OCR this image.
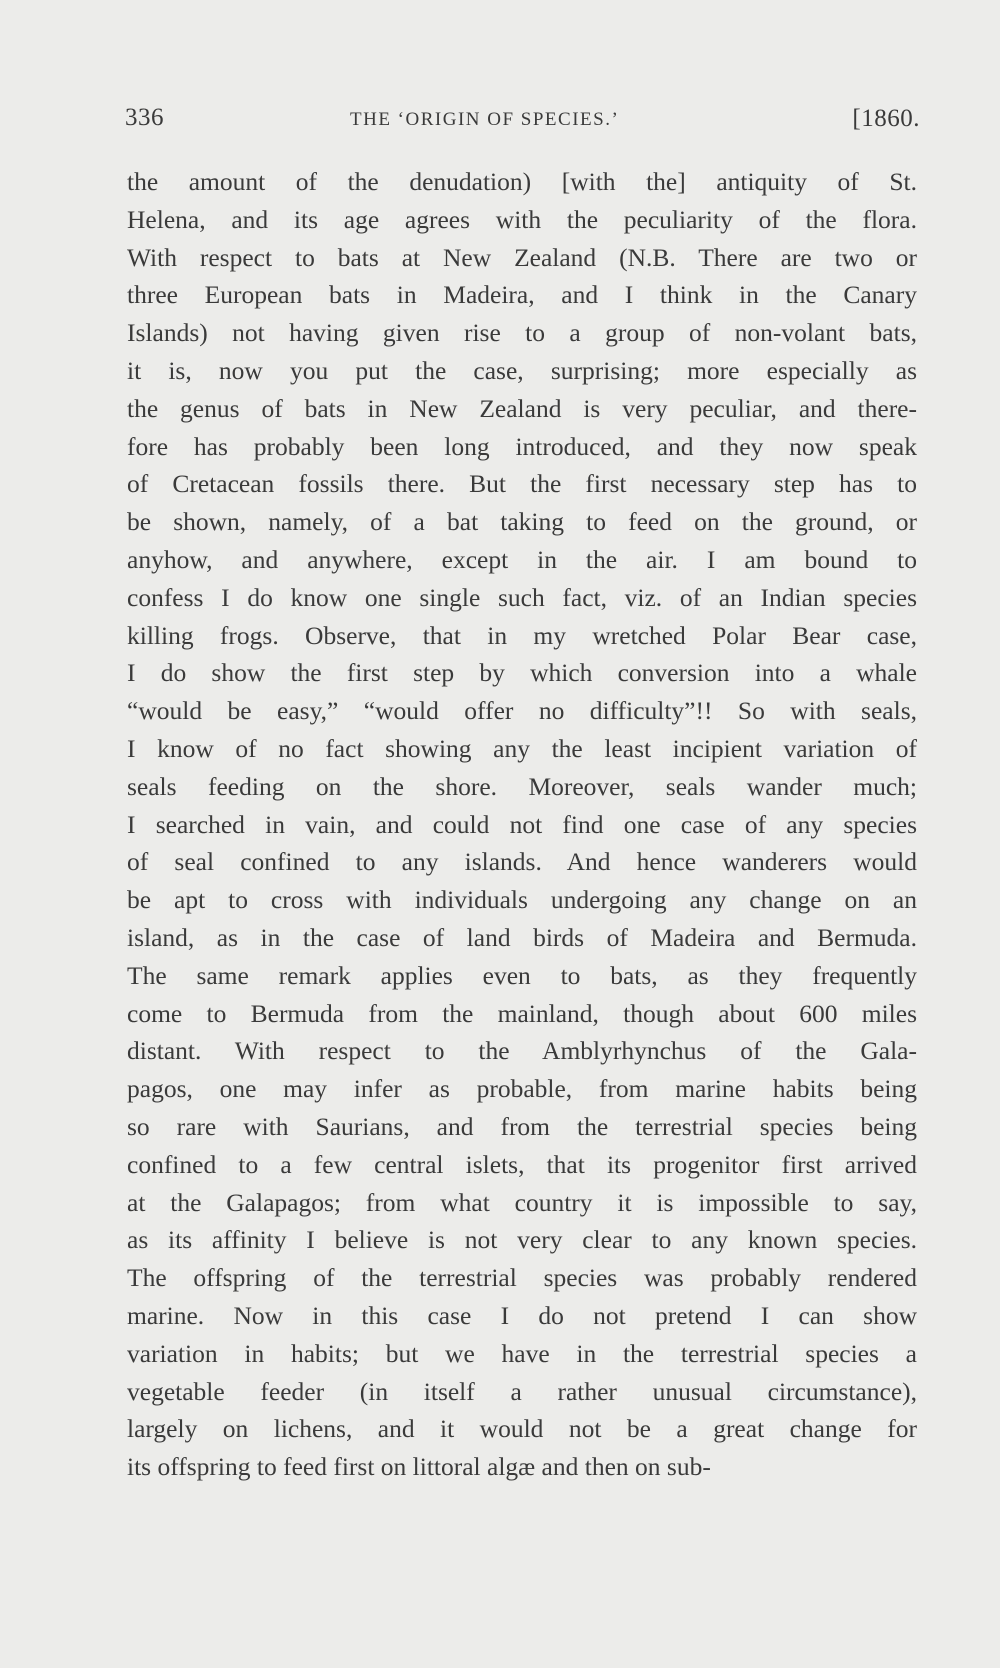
336	THE ‘ORIGIN OF SPECIES.’	[1860.
the amount of the denudation) [with the] antiquity of St.
Helena, and its age agrees with the peculiarity of the flora.
With respect to bats at New Zealand (N.B. There are two or
three European bats in Madeira, and I think in the Canary
Islands) not having given rise to a group of non-volant bats,
it is, now you put the case, surprising; more especially as
the genus of bats in New Zealand is very peculiar, and there-
fore has probably been long introduced, and they now speak
of Cretacean fossils there. But the first necessary step has to
be shown, namely, of a bat taking to feed on the ground, or
anyhow, and anywhere, except in the air. I am bound to
confess I do know one single such fact, viz. of an Indian species
killing frogs. Observe, that in my wretched Polar Bear case,
I do show the first step by which conversion into a whale
“would be easy,” “would offer no difficulty”!! So with seals,
I know of no fact showing any the least incipient variation of
seals feeding on the shore. Moreover, seals wander much;
I searched in vain, and could not find one case of any species
of seal confined to any islands. And hence wanderers would
be apt to cross with individuals undergoing any change on an
island, as in the case of land birds of Madeira and Bermuda.
The same remark applies even to bats, as they frequently
come to Bermuda from the mainland, though about 600 miles
distant. With respect to the Amblyrhynchus of the Gala-
pagos, one may infer as probable, from marine habits being
so rare with Saurians, and from the terrestrial species being
confined to a few central islets, that its progenitor first arrived
at the Galapagos; from what country it is impossible to say,
as its affinity I believe is not very clear to any known species.
The offspring of the terrestrial species was probably rendered
marine. Now in this case I do not pretend I can show
variation in habits; but we have in the terrestrial species a
vegetable feeder (in itself a rather unusual circumstance),
largely on lichens, and it would not be a great change for
its offspring to feed first on littoral algæ and then on sub-
